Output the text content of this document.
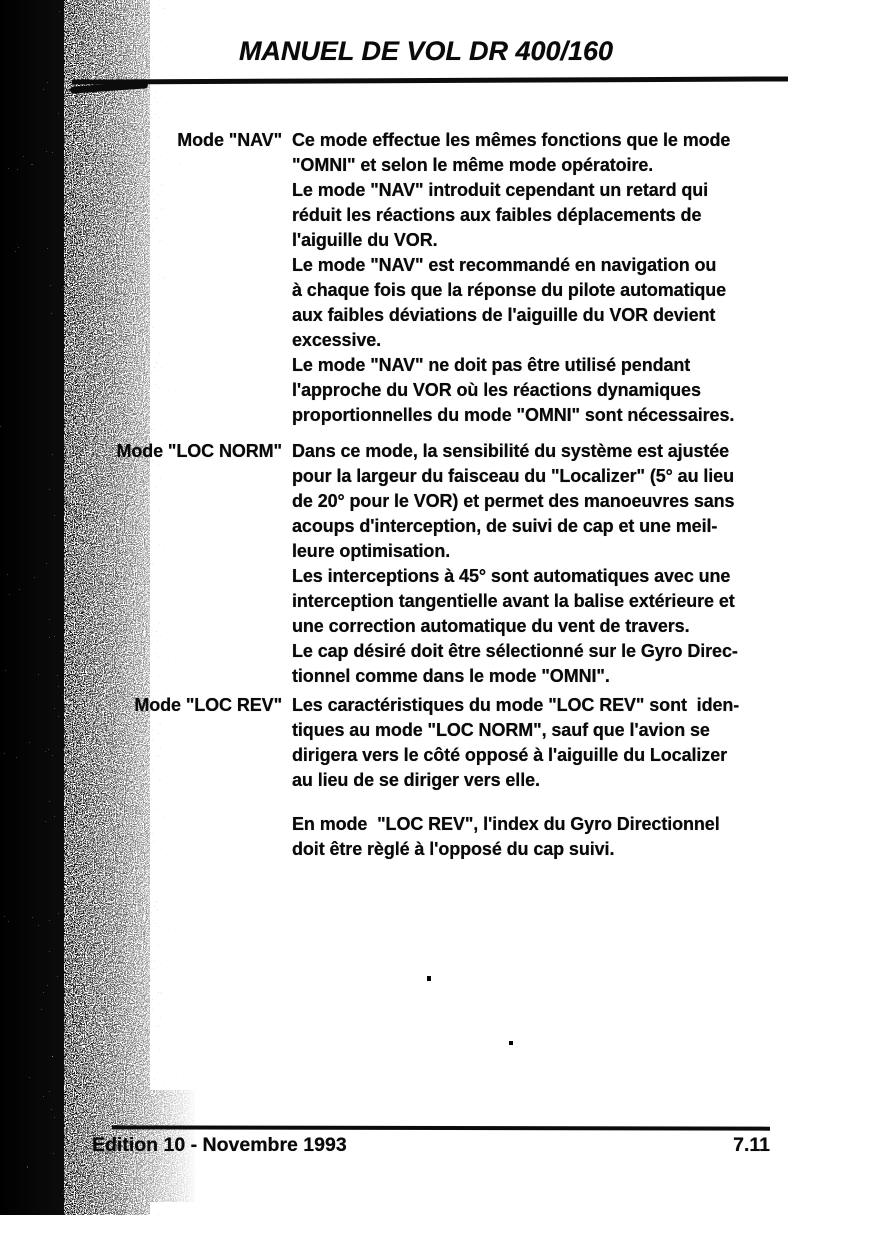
MANUEL DE VOL DR 400/160
Mode "NAV" Ce mode effectue les mêmes fonctions que le mode
"OMNI" et selon le même mode opératoire.
Le mode "NAV" introduit cependant un retard qui
réduit les réactions aux faibles déplacements de
l'aiguille du VOR.
Le mode "NAV" est recommandé en navigation ou
à chaque fois que la réponse du pilote automatique
aux faibles déviations de l'aiguille du VOR devient
excessive.
Le mode "NAV" ne doit pas être utilisé pendant
l'approche du VOR où les réactions dynamiques
proportionnelles du mode "OMNI" sont nécessaires.
Mode "LOC NORM" Dans ce mode, la sensibilité du système est ajustée
pour la largeur du faisceau du "Localizer" (5° au lieu
de 20° pour le VOR) et permet des manoeuvres sans
acoups d'interception, de suivi de cap et une meil-
leure optimisation.
Les interceptions à 45° sont automatiques avec une
interception tangentielle avant la balise extérieure et
une correction automatique du vent de travers.
Le cap désiré doit être sélectionné sur le Gyro Direc-
tionnel comme dans le mode "OMNI".
Mode "LOC REV" Les caractéristiques du mode "LOC REV" sont  iden-
tiques au mode "LOC NORM", sauf que l'avion se
dirigera vers le côté opposé à l'aiguille du Localizer
au lieu de se diriger vers elle.
En mode  "LOC REV", l'index du Gyro Directionnel
doit être règlé à l'opposé du cap suivi.
Edition 10 - Novembre 1993	7.11
